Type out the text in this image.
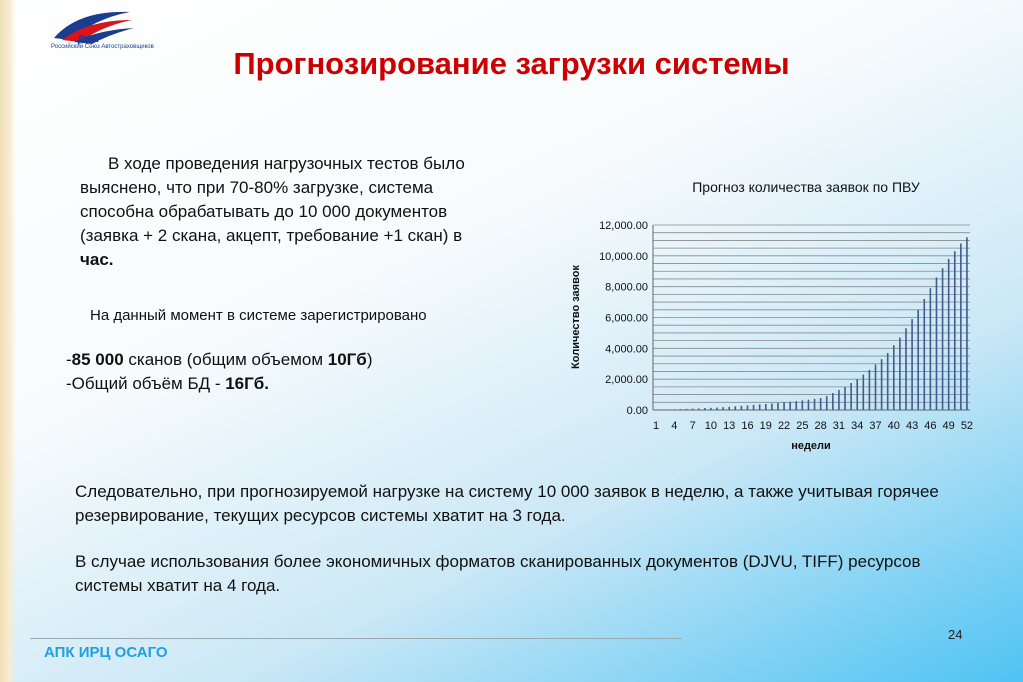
рса
Российский Союз Автостраховщиков	Прогнозирование загрузки системы
В ходе проведения нагрузочных тестов было выяснено, что при 70-80% загрузке, система способна обрабатывать до 10 000 документов (заявка + 2 скана, акцепт, требование +1 скан) в час.
На данный момент в системе зарегистрировано
-85 000 сканов (общим объемом 10Гб)
-Общий объём БД - 16Гб.
Прогноз количества заявок по ПВУ
0.00
2,000.00
4,000.00
6,000.00
8,000.00
10,000.00
12,000.00
1 4 7 10 13 16 19 22 25 28 31 34 37 40 43 46 49 52
недели
Количество заявок

Следовательно, при прогнозируемой нагрузке на систему 10 000 заявок в неделю, а также учитывая горячее резервирование, текущих ресурсов системы хватит на 3 года.

В случае использования более экономичных форматов сканированных документов (DJVU, TIFF) ресурсов системы хватит на 4 года.

АПК ИРЦ ОСАГО
24
